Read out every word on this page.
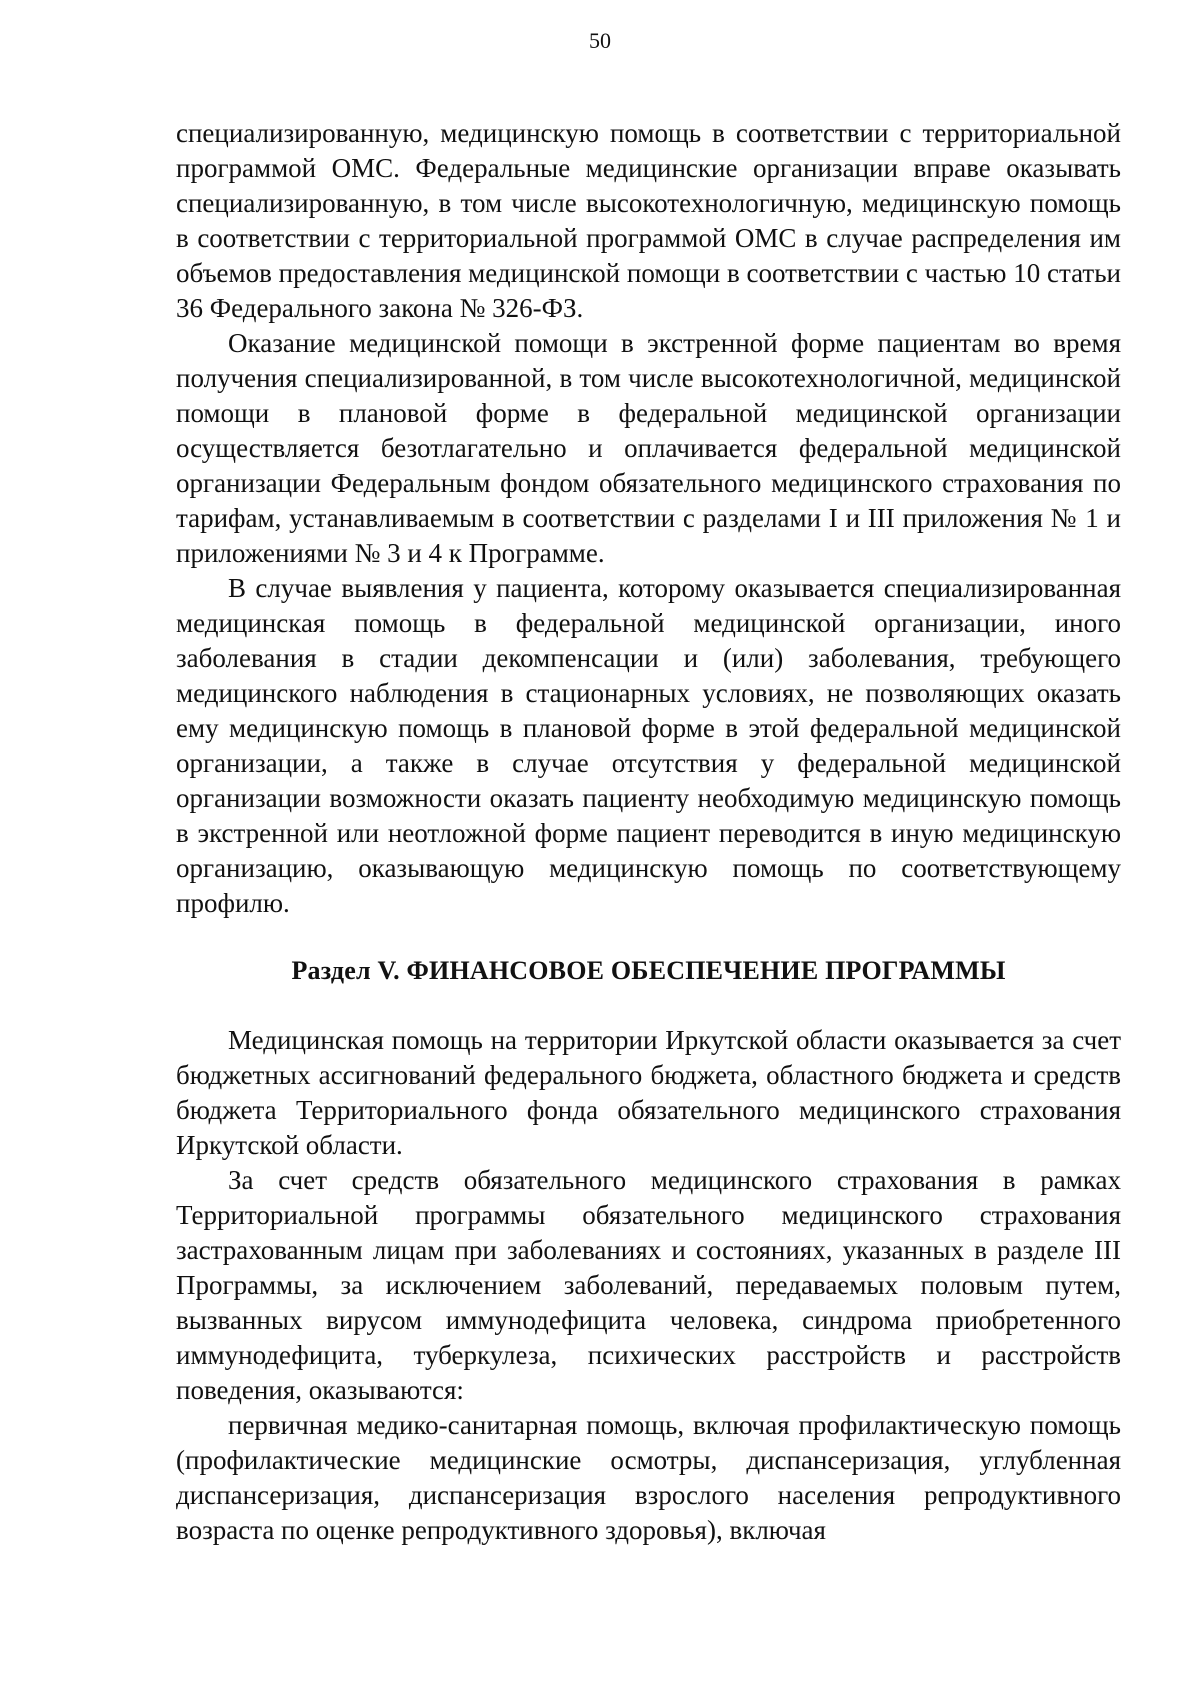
50

специализированную, медицинскую помощь в соответствии с территориальной программой ОМС. Федеральные медицинские организации вправе оказывать специализированную, в том числе высокотехнологичную, медицинскую помощь в соответствии с территориальной программой ОМС в случае распределения им объемов предоставления медицинской помощи в соответствии с частью 10 статьи 36 Федерального закона № 326-ФЗ.

Оказание медицинской помощи в экстренной форме пациентам во время получения специализированной, в том числе высокотехнологичной, медицинской помощи в плановой форме в федеральной медицинской организации осуществляется безотлагательно и оплачивается федеральной медицинской организации Федеральным фондом обязательного медицинского страхования по тарифам, устанавливаемым в соответствии с разделами I и III приложения № 1 и приложениями № 3 и 4 к Программе.

В случае выявления у пациента, которому оказывается специализированная медицинская помощь в федеральной медицинской организации, иного заболевания в стадии декомпенсации и (или) заболевания, требующего медицинского наблюдения в стационарных условиях, не позволяющих оказать ему медицинскую помощь в плановой форме в этой федеральной медицинской организации, а также в случае отсутствия у федеральной медицинской организации возможности оказать пациенту необходимую медицинскую помощь в экстренной или неотложной форме пациент переводится в иную медицинскую организацию, оказывающую медицинскую помощь по соответствующему профилю.

Раздел V. ФИНАНСОВОЕ ОБЕСПЕЧЕНИЕ ПРОГРАММЫ

Медицинская помощь на территории Иркутской области оказывается за счет бюджетных ассигнований федерального бюджета, областного бюджета и средств бюджета Территориального фонда обязательного медицинского страхования Иркутской области.

За счет средств обязательного медицинского страхования в рамках Территориальной программы обязательного медицинского страхования застрахованным лицам при заболеваниях и состояниях, указанных в разделе III Программы, за исключением заболеваний, передаваемых половым путем, вызванных вирусом иммунодефицита человека, синдрома приобретенного иммунодефицита, туберкулеза, психических расстройств и расстройств поведения, оказываются:

первичная медико-санитарная помощь, включая профилактическую помощь (профилактические медицинские осмотры, диспансеризация, углубленная диспансеризация, диспансеризация взрослого населения репродуктивного возраста по оценке репродуктивного здоровья), включая
